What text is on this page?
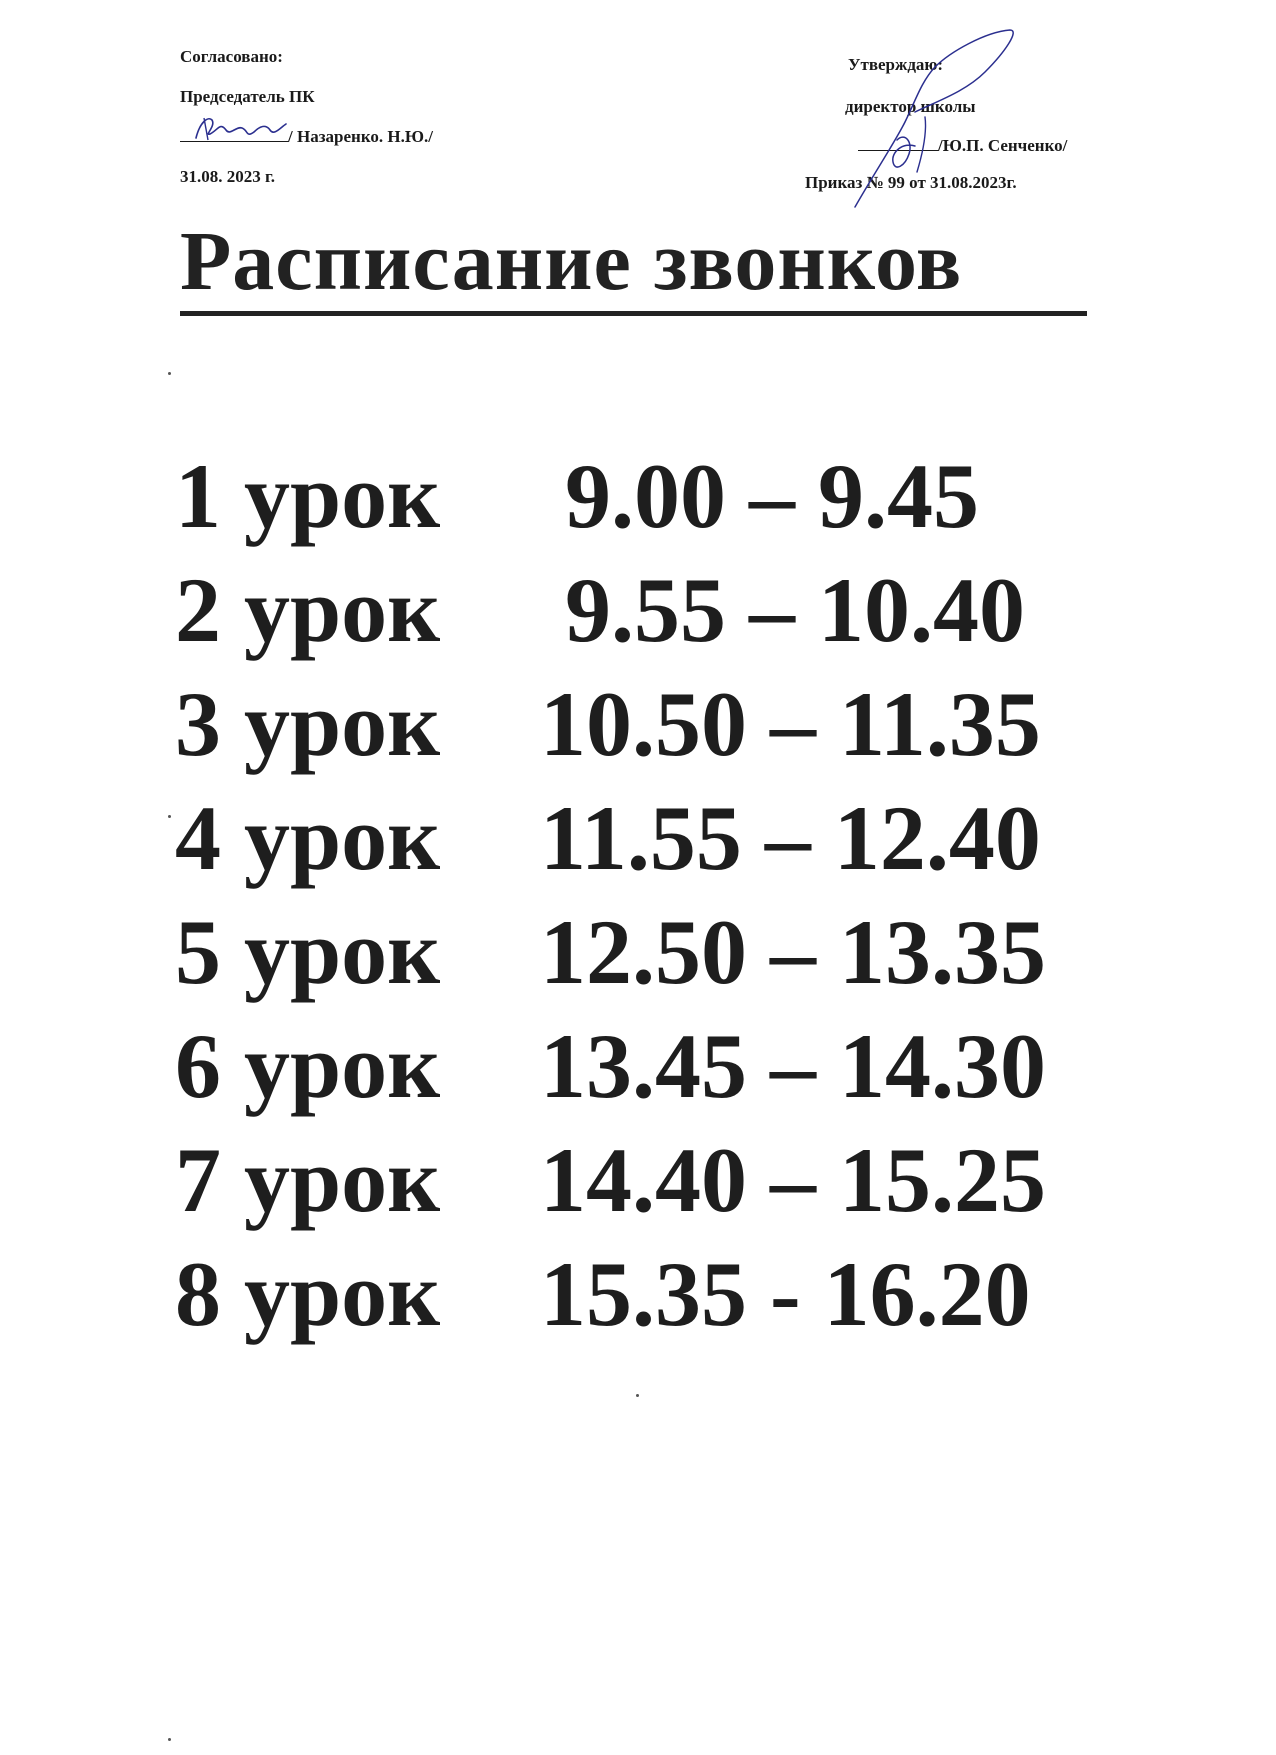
Согласовано:
Председатель ПК
/ Назаренко. Н.Ю./
31.08. 2023 г.
Утверждаю:
директор школы
/Ю.П. Сенченко/
Приказ № 99 от 31.08.2023г.
Расписание звонков
1 урок 9.00 – 9.45
2 урок 9.55 – 10.40
3 урок 10.50 – 11.35
4 урок 11.55 – 12.40
5 урок 12.50 – 13.35
6 урок 13.45 – 14.30
7 урок 14.40 – 15.25
8 урок 15.35 - 16.20
